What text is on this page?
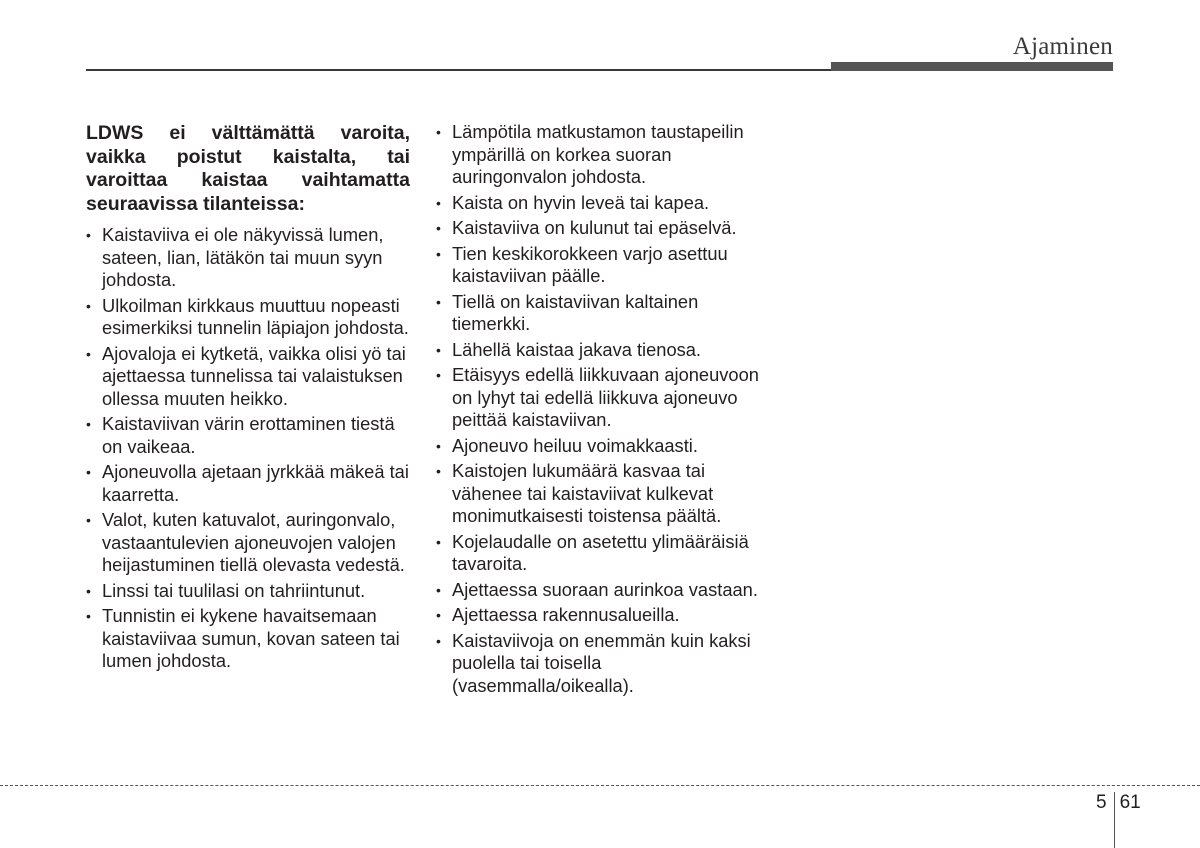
Ajaminen

LDWS ei välttämättä varoita, vaikka poistut kaistalta, tai varoittaa kaistaa vaihtamatta seuraavissa tilanteissa:

• Kaistaviiva ei ole näkyvissä lumen, sateen, lian, lätäkön tai muun syyn johdosta.
• Ulkoilman kirkkaus muuttuu nopeasti esimerkiksi tunnelin läpiajon johdosta.
• Ajovaloja ei kytketä, vaikka olisi yö tai ajettaessa tunnelissa tai valaistuksen ollessa muuten heikko.
• Kaistaviivan värin erottaminen tiestä on vaikeaa.
• Ajoneuvolla ajetaan jyrkkää mäkeä tai kaarretta.
• Valot, kuten katuvalot, auringonvalo, vastaantulevien ajoneuvojen valojen heijastuminen tiellä olevasta vedestä.
• Linssi tai tuulilasi on tahriintunut.
• Tunnistin ei kykene havaitsemaan kaistaviivaa sumun, kovan sateen tai lumen johdosta.
• Lämpötila matkustamon taustapeilin ympärillä on korkea suoran auringonvalon johdosta.
• Kaista on hyvin leveä tai kapea.
• Kaistaviiva on kulunut tai epäselvä.
• Tien keskikorokkeen varjo asettuu kaistaviivan päälle.
• Tiellä on kaistaviivan kaltainen tiemerkki.
• Lähellä kaistaa jakava tienosa.
• Etäisyys edellä liikkuvaan ajoneuvoon on lyhyt tai edellä liikkuva ajoneuvo peittää kaistaviivan.
• Ajoneuvo heiluu voimakkaasti.
• Kaistojen lukumäärä kasvaa tai vähenee tai kaistaviivat kulkevat monimutkaisesti toistensa päältä.
• Kojelaudalle on asetettu ylimääräisiä tavaroita.
• Ajettaessa suoraan aurinkoa vastaan.
• Ajettaessa rakennusalueilla.
• Kaistaviivoja on enemmän kuin kaksi puolella tai toisella (vasemmalla/oikealla).
5 61
